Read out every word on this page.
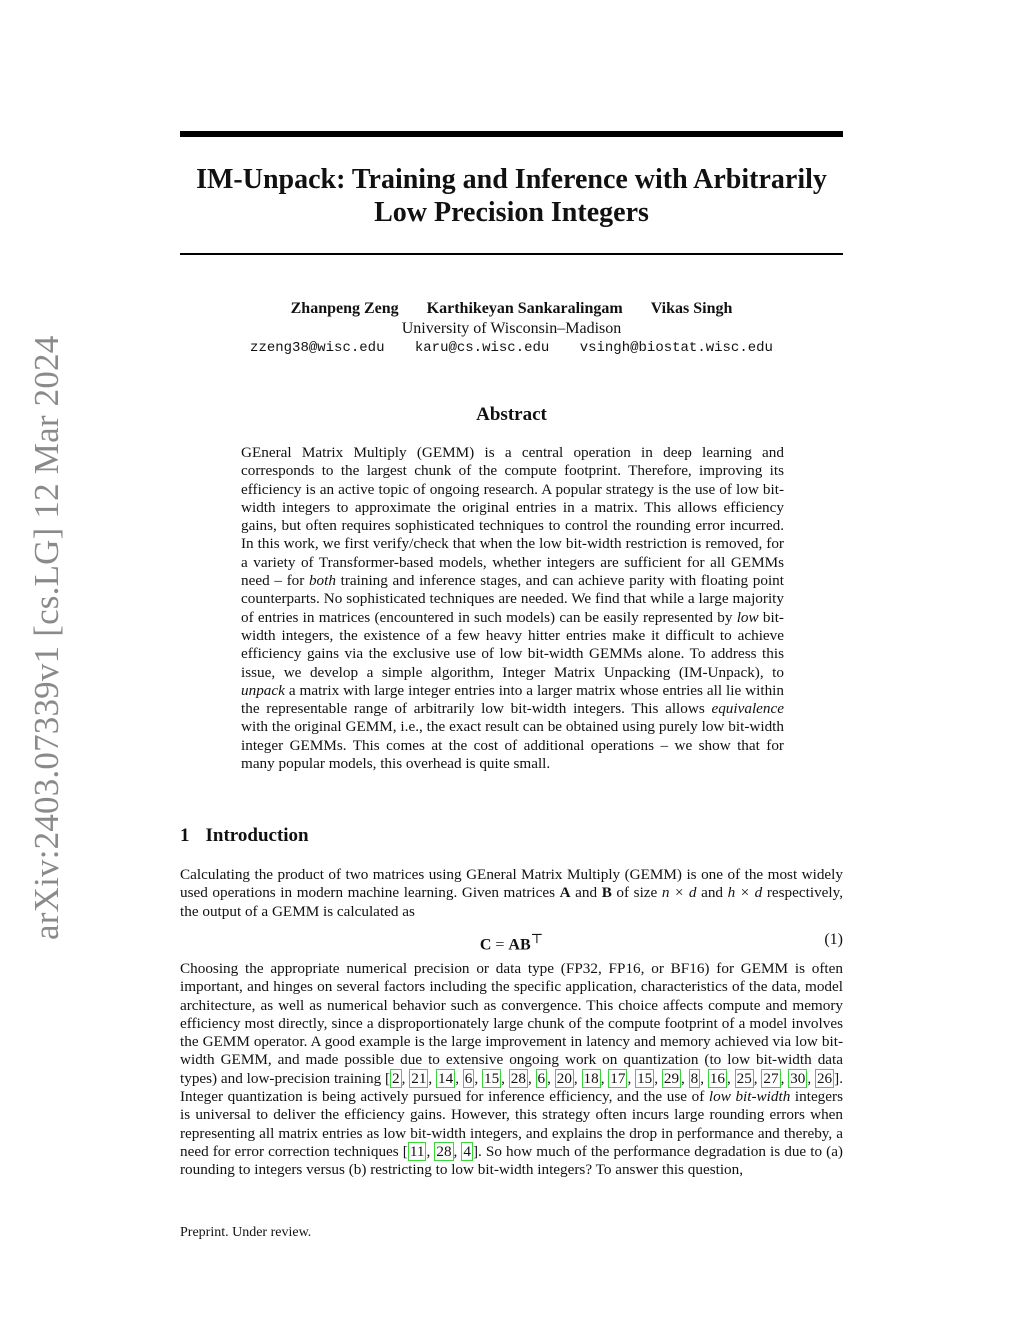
arXiv:2403.07339v1 [cs.LG] 12 Mar 2024
IM-Unpack: Training and Inference with Arbitrarily
Low Precision Integers
Zhanpeng Zeng Karthikeyan Sankaralingam Vikas Singh
University of Wisconsin–Madison
zzeng38@wisc.edu karu@cs.wisc.edu vsingh@biostat.wisc.edu
Abstract

GEneral Matrix Multiply (GEMM) is a central operation in deep learning and corresponds to the largest chunk of the compute footprint. Therefore, improving its efficiency is an active topic of ongoing research. A popular strategy is the use of low bit-width integers to approximate the original entries in a matrix. This allows efficiency gains, but often requires sophisticated techniques to control the rounding error incurred. In this work, we first verify/check that when the low bit-width restriction is removed, for a variety of Transformer-based models, whether integers are sufficient for all GEMMs need – for both training and inference stages, and can achieve parity with floating point counterparts. No sophisticated techniques are needed. We find that while a large majority of entries in matrices (encountered in such models) can be easily represented by low bit-width integers, the existence of a few heavy hitter entries make it difficult to achieve efficiency gains via the exclusive use of low bit-width GEMMs alone. To address this issue, we develop a simple algorithm, Integer Matrix Unpacking (IM-Unpack), to unpack a matrix with large integer entries into a larger matrix whose entries all lie within the representable range of arbitrarily low bit-width integers. This allows equivalence with the original GEMM, i.e., the exact result can be obtained using purely low bit-width integer GEMMs. This comes at the cost of additional operations – we show that for many popular models, this overhead is quite small.

1 Introduction

Calculating the product of two matrices using GEneral Matrix Multiply (GEMM) is one of the most widely used operations in modern machine learning. Given matrices A and B of size n × d and h × d respectively, the output of a GEMM is calculated as

C = AB⊤	(1)

Choosing the appropriate numerical precision or data type (FP32, FP16, or BF16) for GEMM is often important, and hinges on several factors including the specific application, characteristics of the data, model architecture, as well as numerical behavior such as convergence. This choice affects compute and memory efficiency most directly, since a disproportionately large chunk of the compute footprint of a model involves the GEMM operator. A good example is the large improvement in latency and memory achieved via low bit-width GEMM, and made possible due to extensive ongoing work on quantization (to low bit-width data types) and low-precision training [ 2 , 21 , 14 , 6 , 15 , 28 , 6 , 20 , 18 , 17 , 15 , 29 , 8 , 16 , 25 , 27 , 30 , 26 ]. Integer quantization is being actively pursued for inference efficiency, and the use of low bit-width integers is universal to deliver the efficiency gains. However, this strategy often incurs large rounding errors when representing all matrix entries as low bit-width integers, and explains the drop in performance and thereby, a need for error correction techniques [ 11 , 28 , 4 ]. So how much of the performance degradation is due to (a) rounding to integers versus (b) restricting to low bit-width integers? To answer this question,

Preprint. Under review.
